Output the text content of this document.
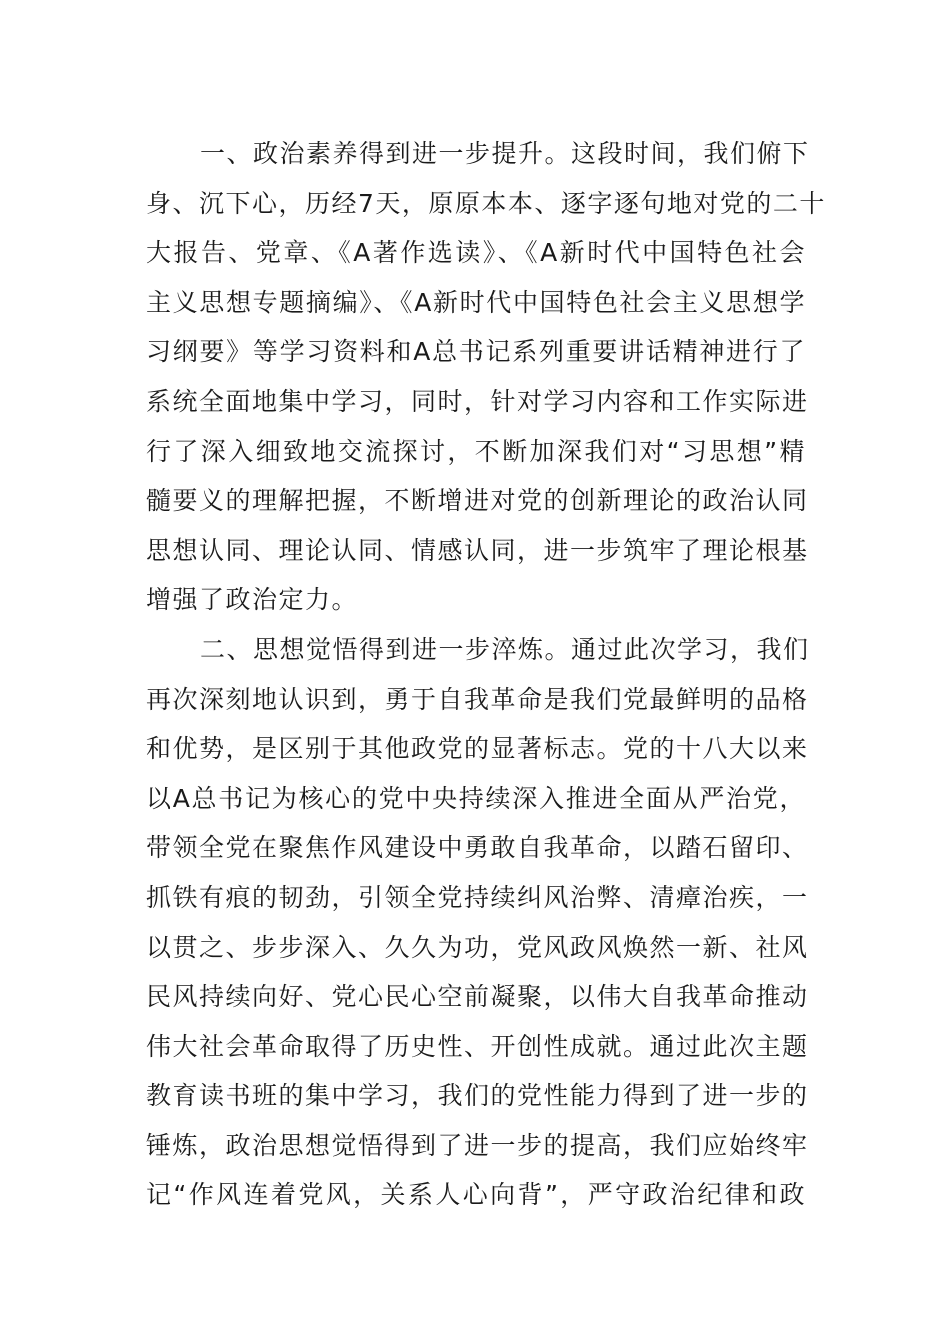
一、政治素养得到进一步提升。这段时间，我们俯下
身、沉下心，历经7天，原原本本、逐字逐句地对党的二十
大报告、党章、《A著作选读》、《A新时代中国特色社会
主义思想专题摘编》、《A新时代中国特色社会主义思想学
习纲要》等学习资料和A总书记系列重要讲话精神进行了
系统全面地集中学习，同时，针对学习内容和工作实际进
行了深入细致地交流探讨，不断加深我们对“习思想”精
髓要义的理解把握，不断增进对党的创新理论的政治认同
思想认同、理论认同、情感认同，进一步筑牢了理论根基
增强了政治定力。
二、思想觉悟得到进一步淬炼。通过此次学习，我们
再次深刻地认识到，勇于自我革命是我们党最鲜明的品格
和优势，是区别于其他政党的显著标志。党的十八大以来
以A总书记为核心的党中央持续深入推进全面从严治党，
带领全党在聚焦作风建设中勇敢自我革命，以踏石留印、
抓铁有痕的韧劲，引领全党持续纠风治弊、清瘴治疾，一
以贯之、步步深入、久久为功，党风政风焕然一新、社风
民风持续向好、党心民心空前凝聚，以伟大自我革命推动
伟大社会革命取得了历史性、开创性成就。通过此次主题
教育读书班的集中学习，我们的党性能力得到了进一步的
锤炼，政治思想觉悟得到了进一步的提高，我们应始终牢
记“作风连着党风，关系人心向背”，严守政治纪律和政
